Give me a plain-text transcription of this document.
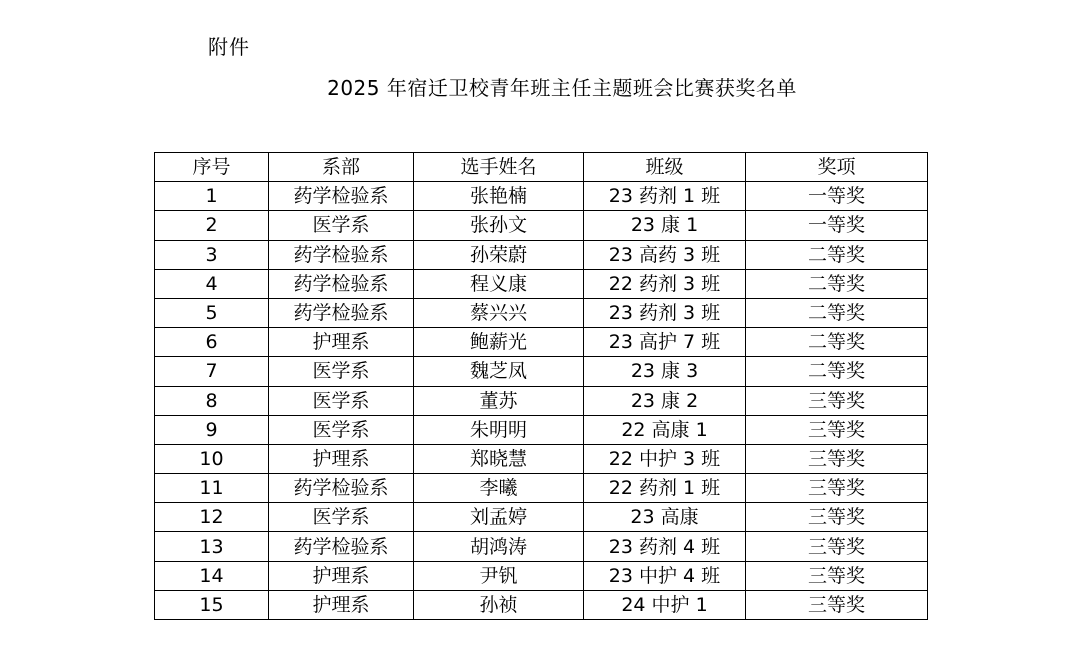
附件
2025 年宿迁卫校青年班主任主题班会比赛获奖名单
序号	系部	选手姓名	班级	奖项
1	药学检验系	张艳楠	23 药剂 1 班	一等奖
2	医学系	张孙文	23 康 1	一等奖
3	药学检验系	孙荣蔚	23 高药 3 班	二等奖
4	药学检验系	程义康	22 药剂 3 班	二等奖
5	药学检验系	蔡兴兴	23 药剂 3 班	二等奖
6	护理系	鲍薪光	23 高护 7 班	二等奖
7	医学系	魏芝凤	23 康 3	二等奖
8	医学系	董苏	23 康 2	三等奖
9	医学系	朱明明	22 高康 1	三等奖
10	护理系	郑晓慧	22 中护 3 班	三等奖
11	药学检验系	李曦	22 药剂 1 班	三等奖
12	医学系	刘孟婷	23 高康	三等奖
13	药学检验系	胡鸿涛	23 药剂 4 班	三等奖
14	护理系	尹钒	23 中护 4 班	三等奖
15	护理系	孙祯	24 中护 1	三等奖
